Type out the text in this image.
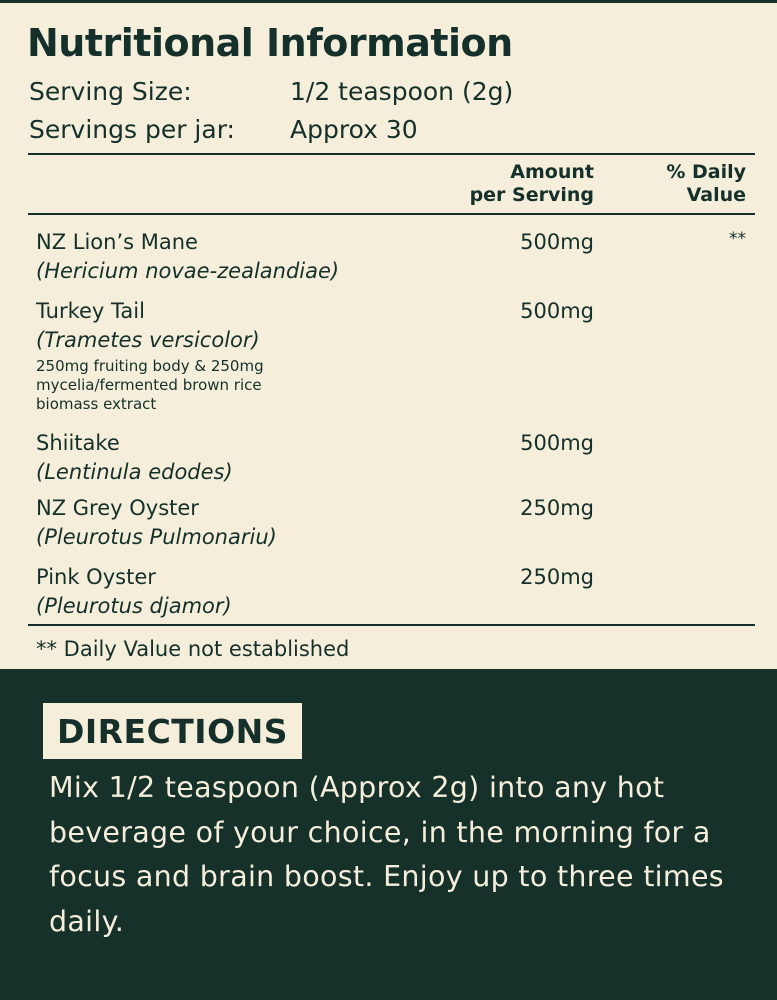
Nutritional Information
Serving Size:	1/2 teaspoon (2g)
Servings per jar: Approx 30
Amount
per Serving
% Daily
Value
NZ Lion’s Mane
(Hericium novae-zealandiae)
500mg	**
Turkey Tail
(Trametes versicolor)
250mg fruiting body & 250mg
mycelia/fermented brown rice
biomass extract
500mg
Shiitake
(Lentinula edodes)
500mg
NZ Grey Oyster
(Pleurotus Pulmonariu)
250mg
Pink Oyster
(Pleurotus djamor)
250mg
** Daily Value not established
DIRECTIONS
Mix 1/2 teaspoon (Approx 2g) into any hot beverage of your choice, in the morning for a focus and brain boost. Enjoy up to three times daily.
